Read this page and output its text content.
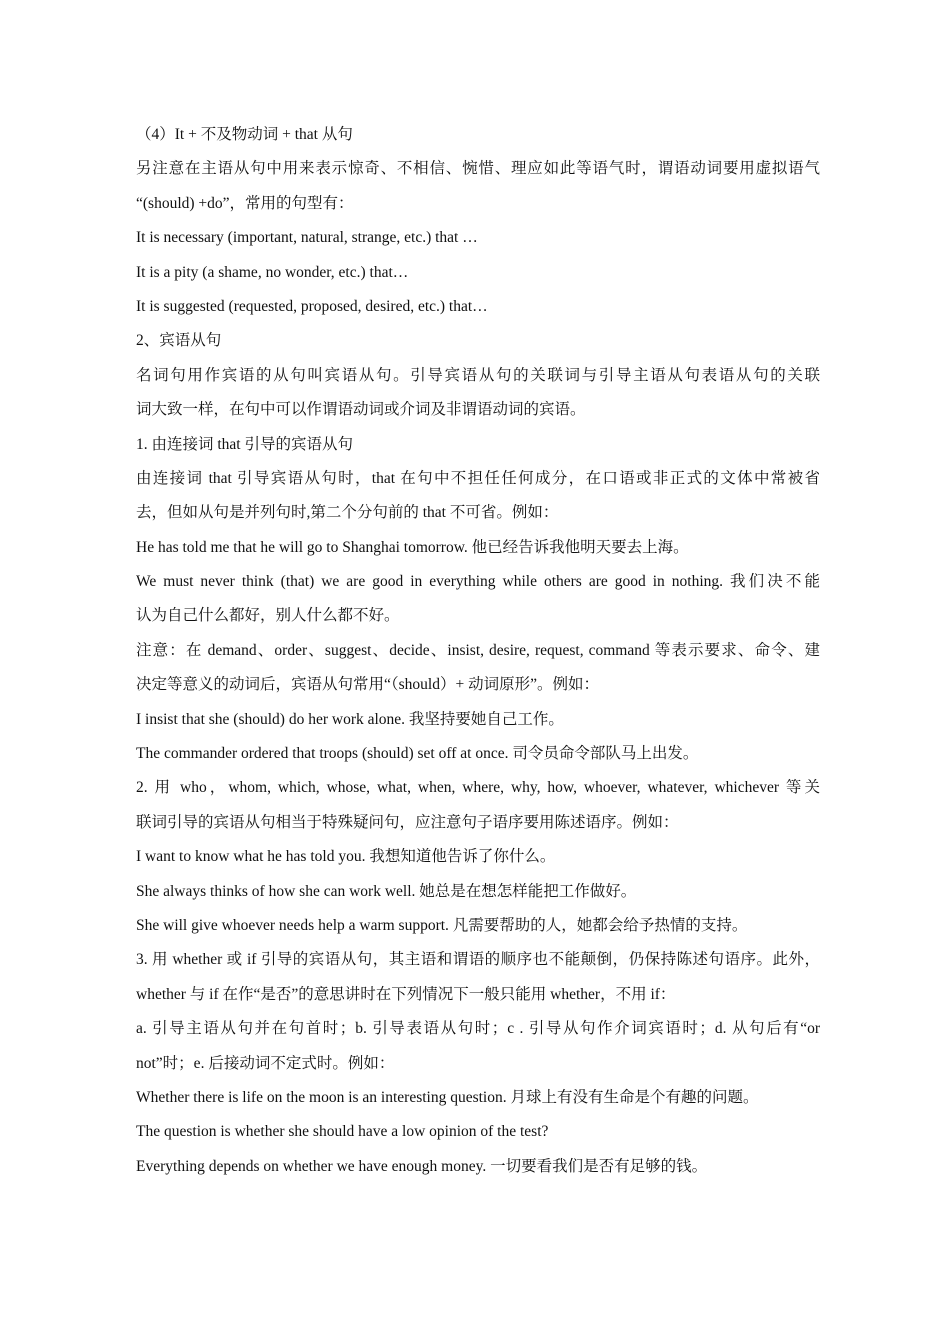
（4）It + 不及物动词 + that 从句
另注意在主语从句中用来表示惊奇、不相信、惋惜、理应如此等语气时，谓语动词要用虚拟语气
“(should) +do”，常用的句型有：
It is necessary (important, natural, strange, etc.) that …
It is a pity (a shame, no wonder, etc.) that…
It is suggested (requested, proposed, desired, etc.) that…
2、宾语从句
名词句用作宾语的从句叫宾语从句。引导宾语从句的关联词与引导主语从句表语从句的关联
词大致一样，在句中可以作谓语动词或介词及非谓语动词的宾语。
1. 由连接词 that 引导的宾语从句
由连接词 that 引导宾语从句时，that 在句中不担任任何成分，在口语或非正式的文体中常被省
去，但如从句是并列句时,第二个分句前的 that 不可省。例如：
He has told me that he will go to Shanghai tomorrow. 他已经告诉我他明天要去上海。
We must never think (that) we are good in everything while others are good in nothing. 我们决不能
认为自己什么都好，别人什么都不好。
注意：在 demand、order、suggest、decide、insist, desire, request, command 等表示要求、命令、建
决定等意义的动词后，宾语从句常用“（should）+ 动词原形”。例如：
I insist that she (should) do her work alone. 我坚持要她自己工作。
The commander ordered that troops (should) set off at once. 司令员命令部队马上出发。
2. 用 who，whom, which, whose, what, when, where, why, how, whoever, whatever, whichever 等关
联词引导的宾语从句相当于特殊疑问句，应注意句子语序要用陈述语序。例如：
I want to know what he has told you. 我想知道他告诉了你什么。
She always thinks of how she can work well. 她总是在想怎样能把工作做好。
She will give whoever needs help a warm support. 凡需要帮助的人，她都会给予热情的支持。
3. 用 whether 或 if 引导的宾语从句，其主语和谓语的顺序也不能颠倒，仍保持陈述句语序。此外，
whether 与 if 在作“是否”的意思讲时在下列情况下一般只能用 whether，不用 if：
a. 引导主语从句并在句首时；b. 引导表语从句时；c . 引导从句作介词宾语时；d. 从句后有“or
not”时；e. 后接动词不定式时。例如：
Whether there is life on the moon is an interesting question. 月球上有没有生命是个有趣的问题。
The question is whether she should have a low opinion of the test?
Everything depends on whether we have enough money. 一切要看我们是否有足够的钱。
